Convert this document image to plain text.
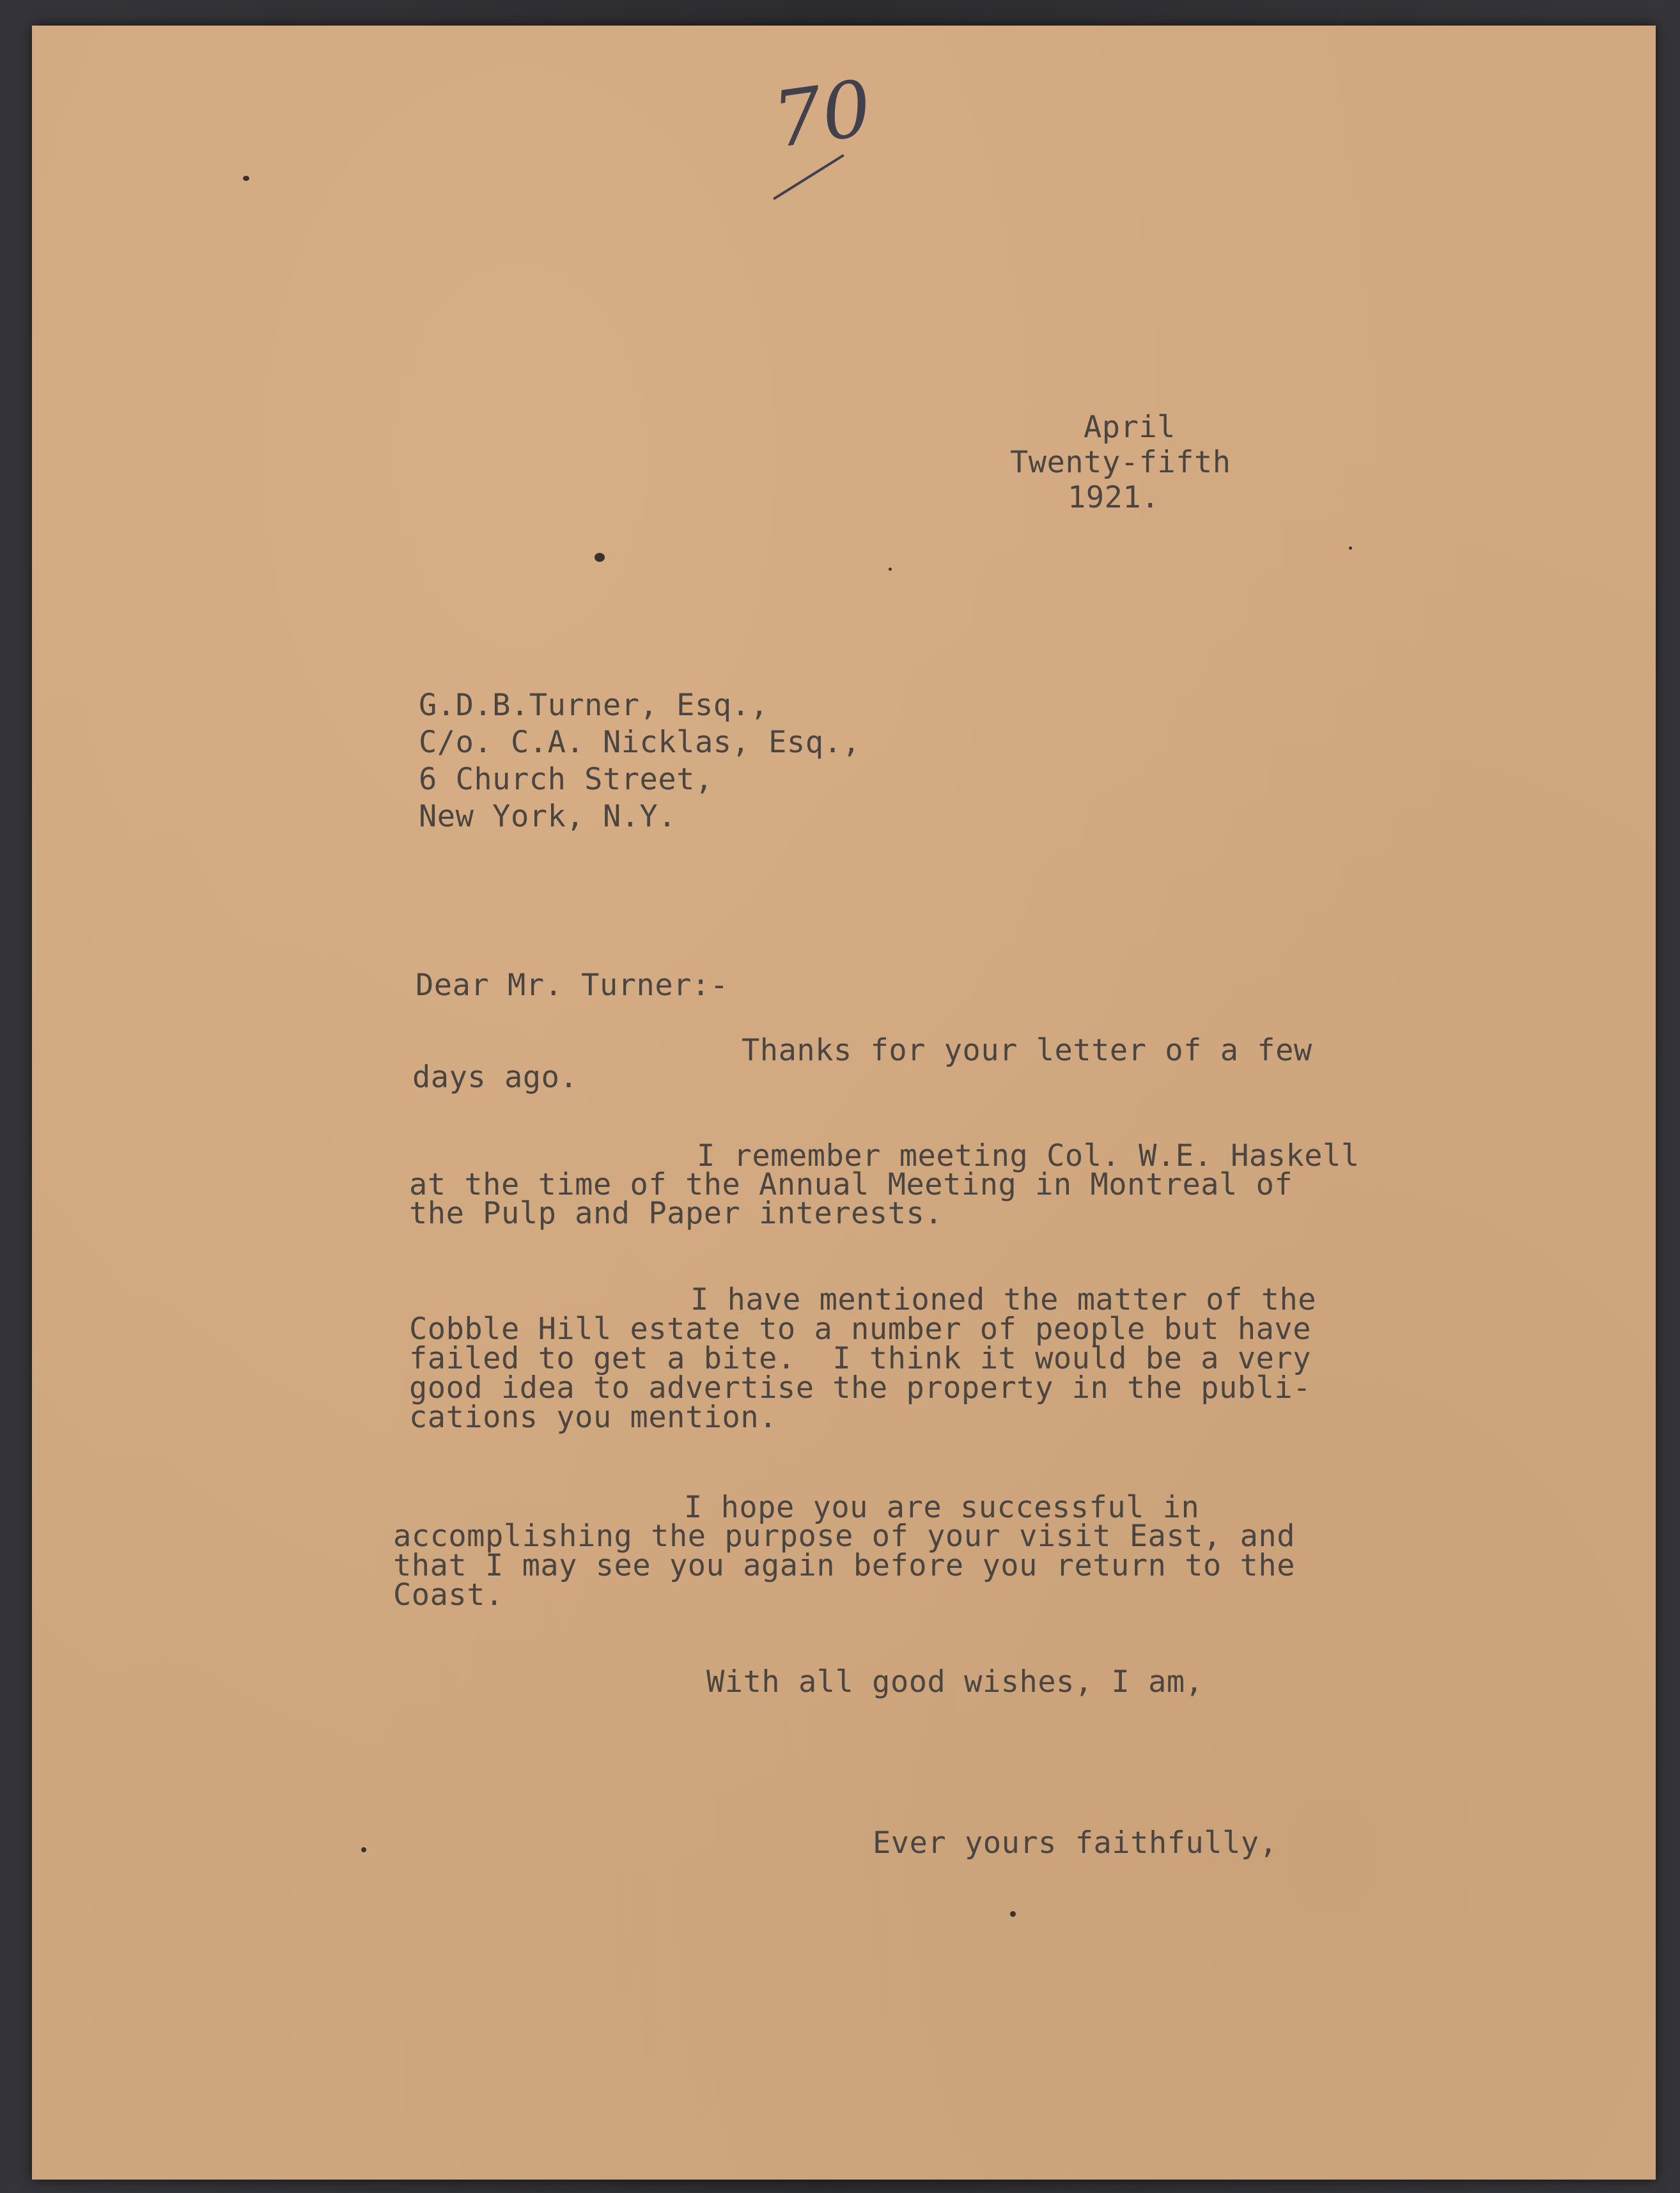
70
April
Twenty-fifth
1921.
G.D.B.Turner, Esq.,
C/o. C.A. Nicklas, Esq.,
6 Church Street,
New York, N.Y.
Dear Mr. Turner:-
Thanks for your letter of a few
days ago.
I remember meeting Col. W.E. Haskell
at the time of the Annual Meeting in Montreal of
the Pulp and Paper interests.
I have mentioned the matter of the
Cobble Hill estate to a number of people but have
failed to get a bite.  I think it would be a very
good idea to advertise the property in the publi-
cations you mention.
I hope you are successful in
accomplishing the purpose of your visit East, and
that I may see you again before you return to the
Coast.
With all good wishes, I am,
Ever yours faithfully,
